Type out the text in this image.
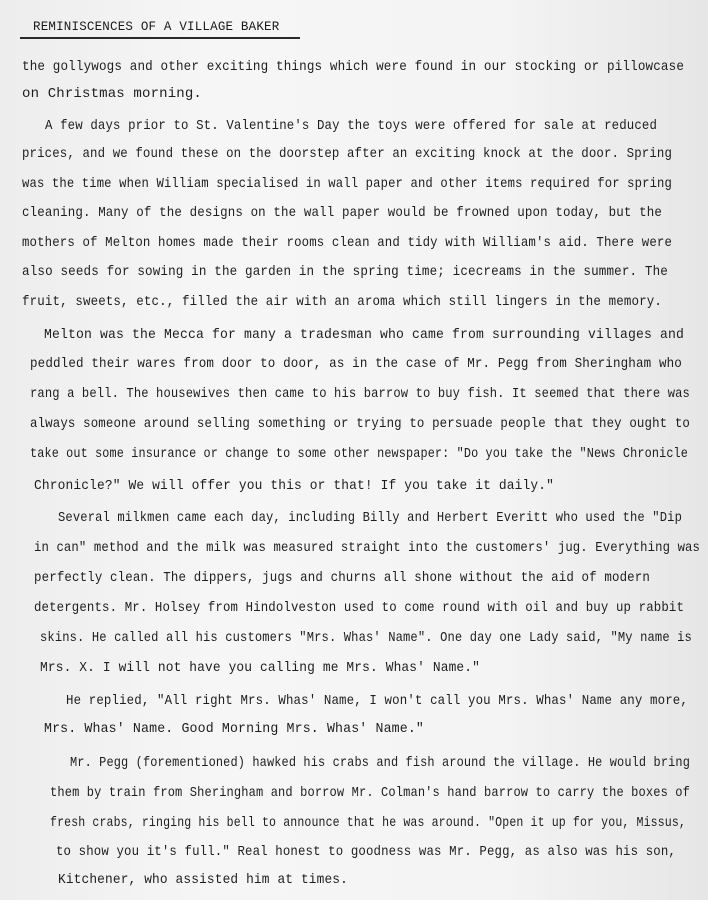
REMINISCENCES OF A VILLAGE BAKER
the gollywogs and other exciting things which were found in our stocking or pillowcase
on Christmas morning.
A few days prior to St. Valentine's Day the toys were offered for sale at reduced
prices, and we found these on the doorstep after an exciting knock at the door. Spring
was the time when William specialised in wall paper and other items required for spring
cleaning. Many of the designs on the wall paper would be frowned upon today, but the
mothers of Melton homes made their rooms clean and tidy with William's aid. There were
also seeds for sowing in the garden in the spring time; icecreams in the summer. The
fruit, sweets, etc., filled the air with an aroma which still lingers in the memory.
Melton was the Mecca for many a tradesman who came from surrounding villages and
peddled their wares from door to door, as in the case of Mr. Pegg from Sheringham who
rang a bell. The housewives then came to his barrow to buy fish. It seemed that there was
always someone around selling something or trying to persuade people that they ought to
take out some insurance or change to some other newspaper: "Do you take the "News Chronicle
Chronicle?" We will offer you this or that! If you take it daily."
Several milkmen came each day, including Billy and Herbert Everitt who used the "Dip
in can" method and the milk was measured straight into the customers' jug. Everything was
perfectly clean. The dippers, jugs and churns all shone without the aid of modern
detergents. Mr. Holsey from Hindolveston used to come round with oil and buy up rabbit
skins. He called all his customers "Mrs. Whas' Name". One day one Lady said, "My name is
Mrs. X. I will not have you calling me Mrs. Whas' Name."
He replied, "All right Mrs. Whas' Name, I won't call you Mrs. Whas' Name any more,
Mrs. Whas' Name. Good Morning Mrs. Whas' Name."
Mr. Pegg (forementioned) hawked his crabs and fish around the village. He would bring
them by train from Sheringham and borrow Mr. Colman's hand barrow to carry the boxes of
fresh crabs, ringing his bell to announce that he was around. "Open it up for you, Missus,
to show you it's full." Real honest to goodness was Mr. Pegg, as also was his son,
Kitchener, who assisted him at times.
